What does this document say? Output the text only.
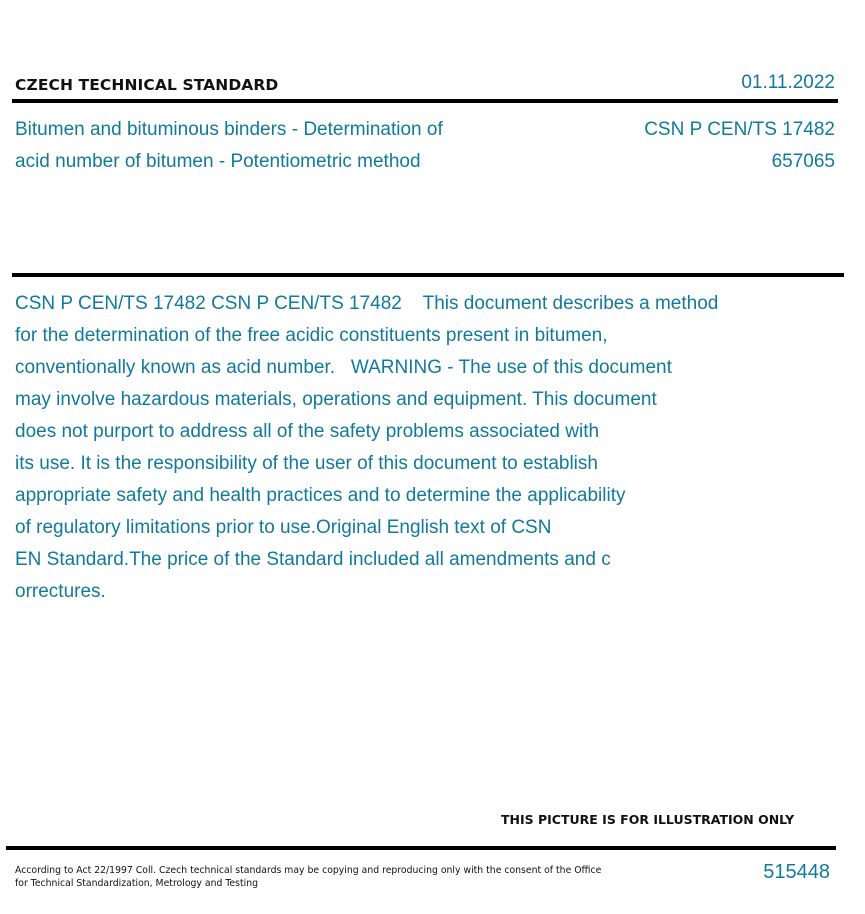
CZECH TECHNICAL STANDARD	01.11.2022
Bitumen and bituminous binders - Determination of
acid number of bitumen - Potentiometric method
CSN P CEN/TS 17482
657065
CSN P CEN/TS 17482 CSN P CEN/TS 17482    This document describes a method
for the determination of the free acidic constituents present in bitumen,
conventionally known as acid number.   WARNING - The use of this document
may involve hazardous materials, operations and equipment. This document
does not purport to address all of the safety problems associated with
its use. It is the responsibility of the user of this document to establish
appropriate safety and health practices and to determine the applicability
of regulatory limitations prior to use.Original English text of CSN
EN Standard.The price of the Standard included all amendments and c
orrectures.
THIS PICTURE IS FOR ILLUSTRATION ONLY
According to Act 22/1997 Coll. Czech technical standards may be copying and reproducing only with the consent of the Office
for Technical Standardization, Metrology and Testing
515448
